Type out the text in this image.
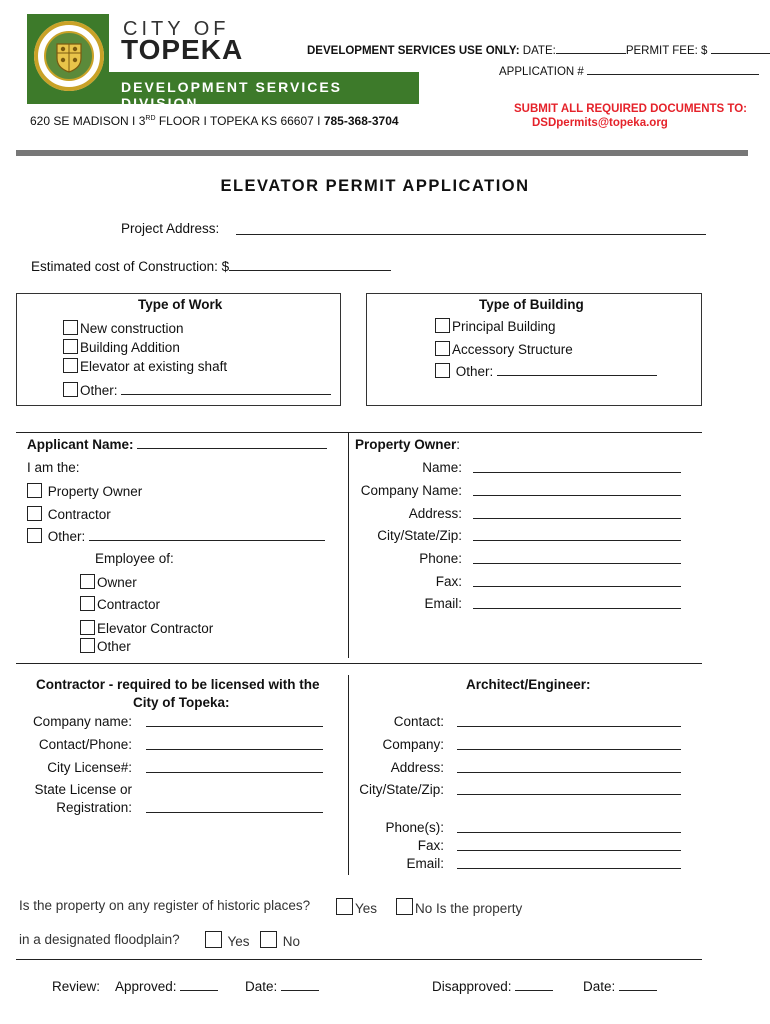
CITY OF
TOPEKA
DEVELOPMENT SERVICES DIVISION
DEVELOPMENT SERVICES USE ONLY: DATE:	PERMIT FEE: $
APPLICATION #
SUBMIT ALL REQUIRED DOCUMENTS TO:
DSDpermits@topeka.org
620 SE MADISON I 3RD FLOOR I TOPEKA KS 66607 I 785-368-3704
ELEVATOR PERMIT APPLICATION
Project Address:
Estimated cost of Construction: $
Type of Work
New construction
Building Addition
Elevator at existing shaft
Other:
Type of Building
Principal Building
Accessory Structure
Other:
Applicant Name:
I am the:
Property Owner
Contractor
Other:
Employee of:
Owner
Contractor
Elevator Contractor
Other
Property Owner:
Name:
Company Name:
Address:
City/State/Zip:
Phone:
Fax:
Email:
Contractor - required to be licensed with the
City of Topeka:
Company name:
Contact/Phone:
City License#:
State License or
Registration:
Architect/Engineer:
Contact:
Company:
Address:
City/State/Zip:
Phone(s):
Fax:
Email:
Is the property on any register of historic places?	Yes	No Is the property
in a designated floodplain?	Yes	No
Review: Approved:	Date:	Disapproved:	Date:
